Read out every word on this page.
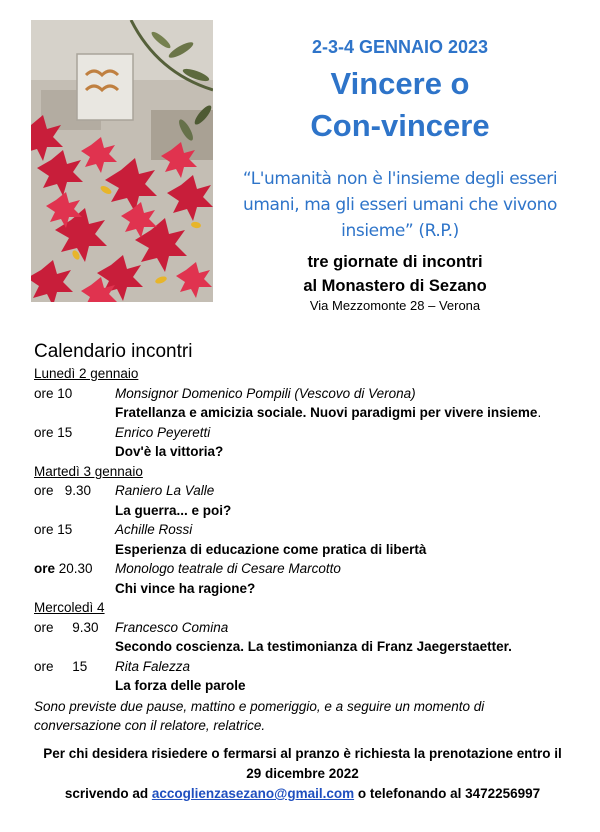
2-3-4 GENNAIO 2023
Vincere o
Con-vincere
“L'umanità non è l'insieme degli esseri
umani, ma gli esseri umani che vivono
insieme” (R.P.)
tre giornate di incontri
al Monastero di Sezano
Via Mezzomonte 28 – Verona
Calendario incontri
Lunedì 2 gennaio
ore 10	Monsignor Domenico Pompili (Vescovo di Verona)
Fratellanza e amicizia sociale. Nuovi paradigmi per vivere insieme.
ore 15	Enrico Peyeretti
Dov'è la vittoria?
Martedì 3 gennaio
ore   9.30	Raniero La Valle
La guerra... e poi?
ore 15	Achille Rossi
Esperienza di educazione come pratica di libertà
ore 20.30	Monologo teatrale di Cesare Marcotto
Chi vince ha ragione?
Mercoledì 4
ore     9.30	Francesco Comina
Secondo coscienza. La testimonianza di Franz Jaegerstaetter.
ore     15	Rita Falezza
La forza delle parole
Sono previste due pause, mattino e pomeriggio, e a seguire un momento di
conversazione con il relatore, relatrice.
Per chi desidera risiedere o fermarsi al pranzo è richiesta la prenotazione entro il
29 dicembre 2022
scrivendo ad accoglienzasezano@gmail.com o telefonando al 3472256997
